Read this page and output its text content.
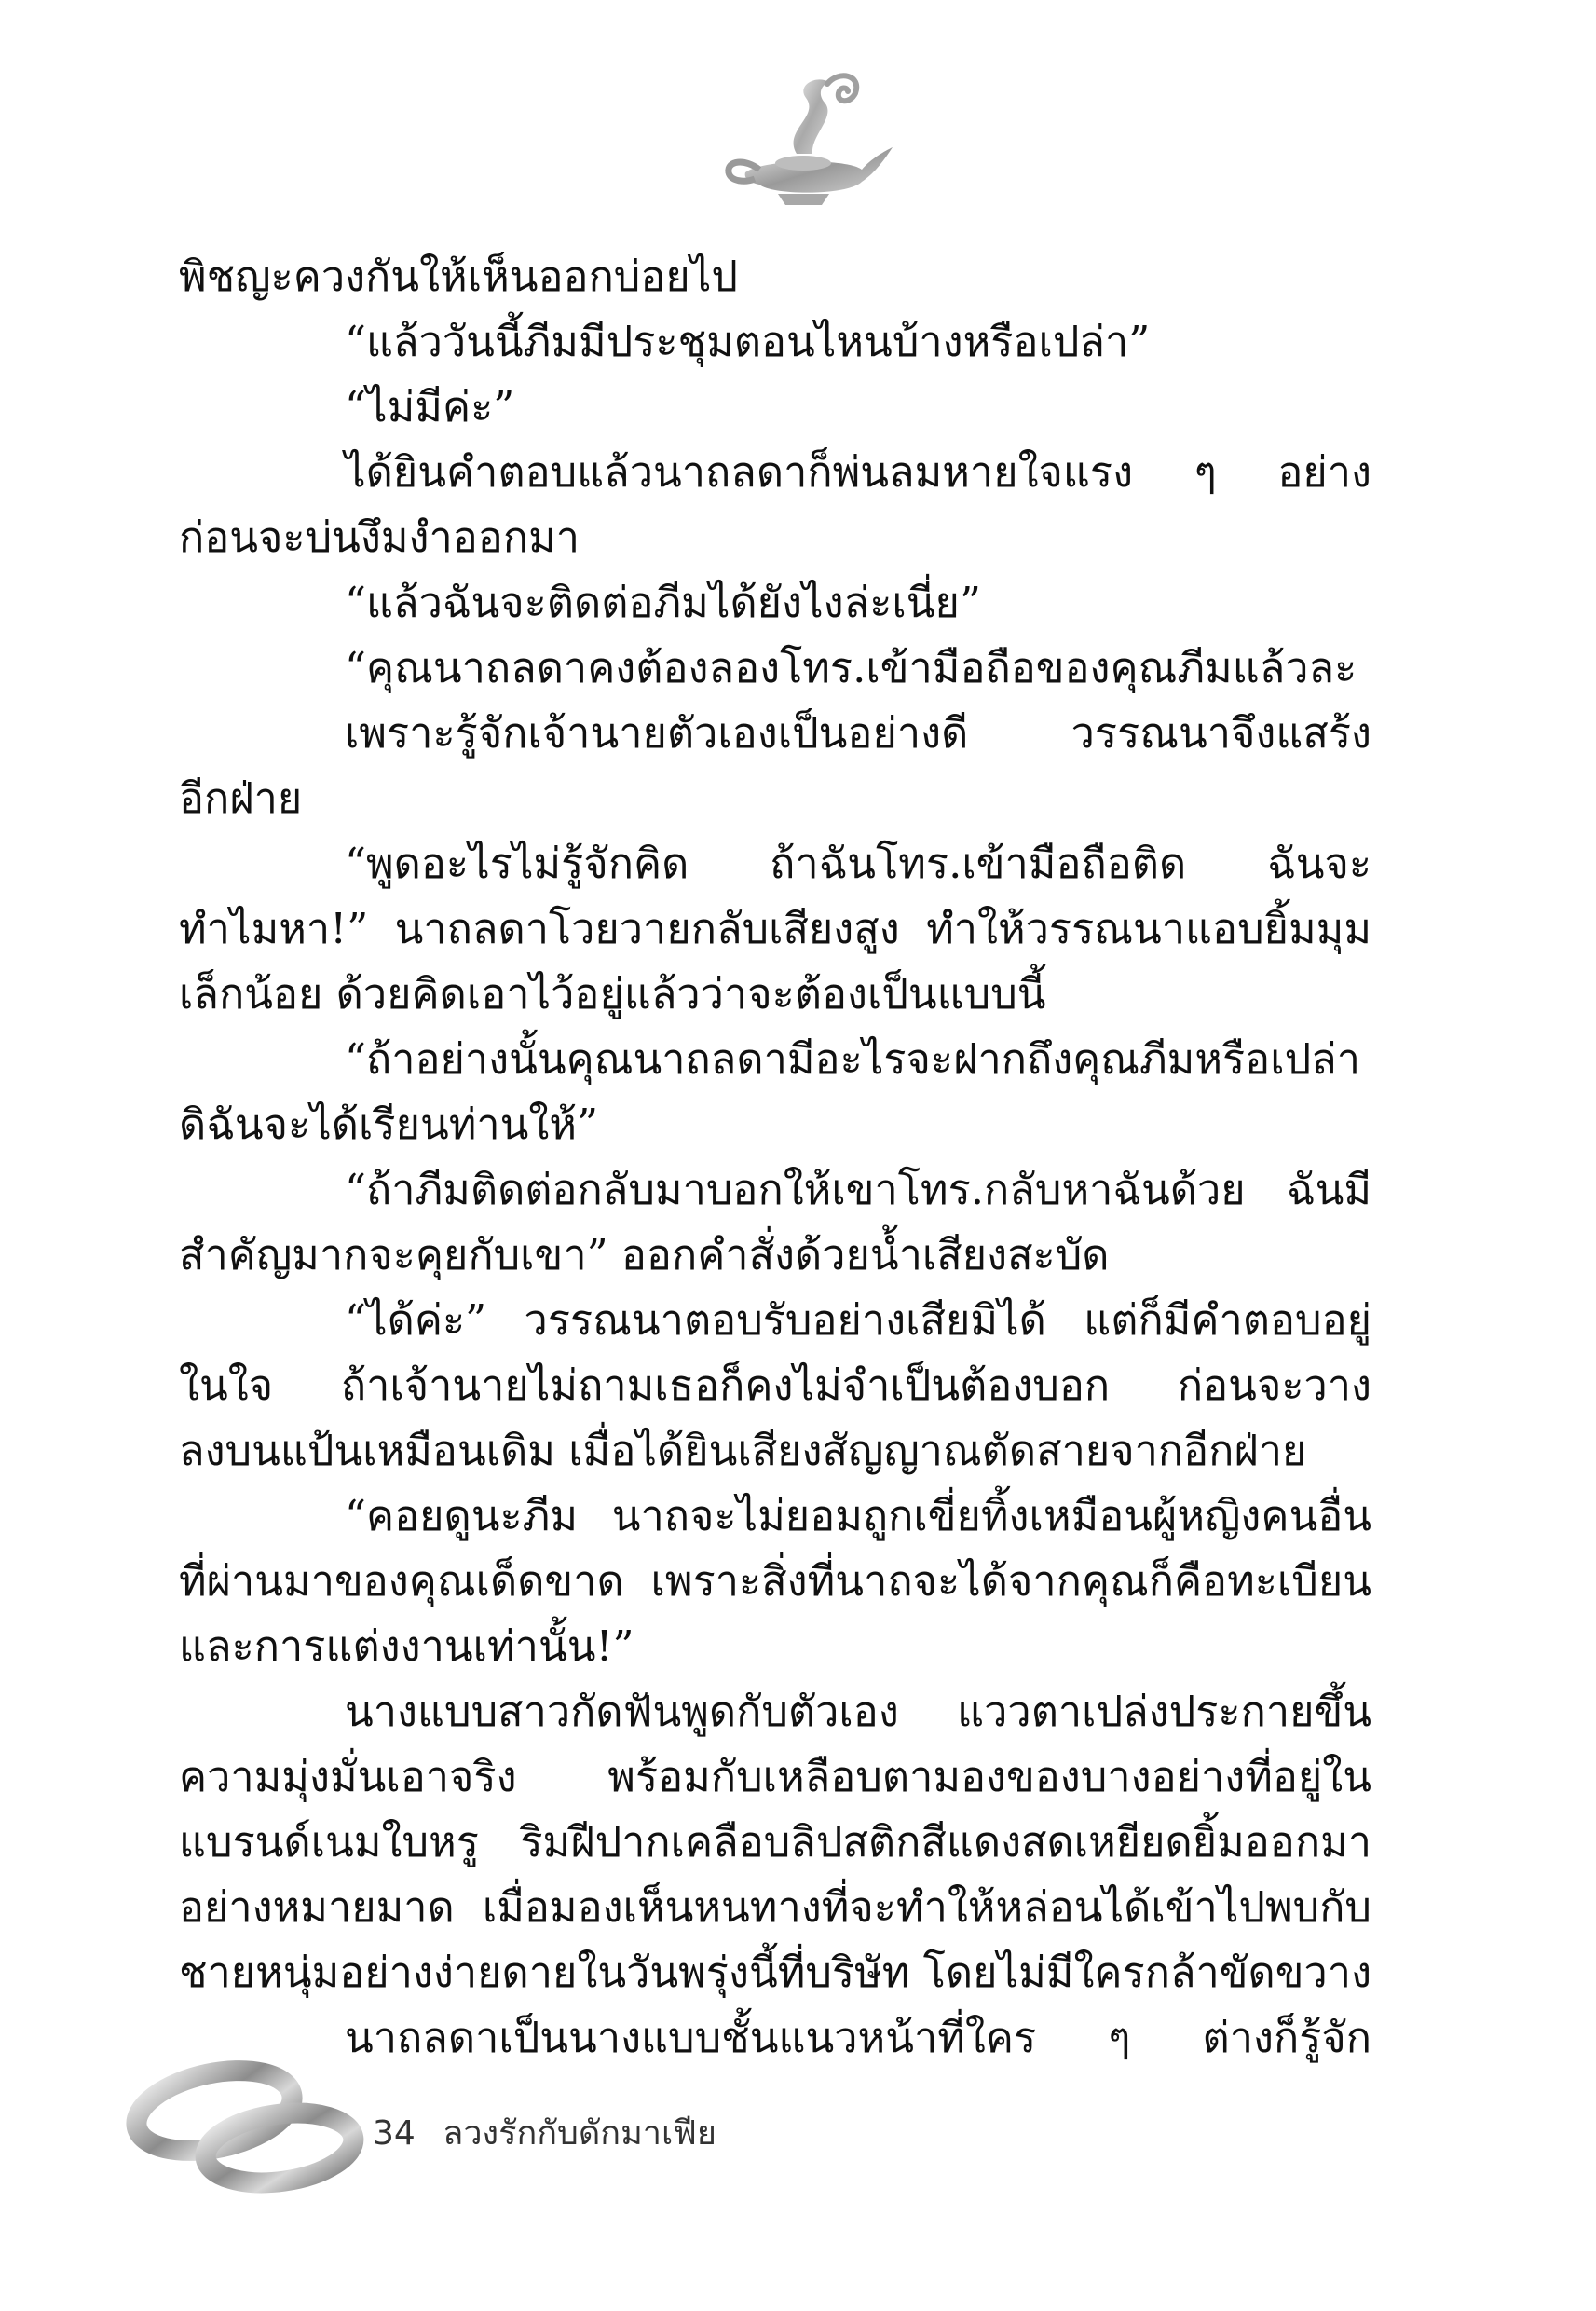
พิชญะควงกันให้เห็นออกบ่อยไป
“แล้ววันนี้ภีมมีประชุมตอนไหนบ้างหรือเปล่า”
“ไม่มีค่ะ”
ได้ยินคำตอบแล้วนาถลดาก็พ่นลมหายใจแรง ๆ อย่าง
ก่อนจะบ่นงึมงำออกมา
“แล้วฉันจะติดต่อภีมได้ยังไงล่ะเนี่ย”
“คุณนาถลดาคงต้องลองโทร.เข้ามือถือของคุณภีมแล้วละ
เพราะรู้จักเจ้านายตัวเองเป็นอย่างดี วรรณนาจึงแสร้ง
อีกฝ่าย
“พูดอะไรไม่รู้จักคิด ถ้าฉันโทร.เข้ามือถือติด ฉันจะ
ทำไมหา!” นาถลดาโวยวายกลับเสียงสูง ทำให้วรรณนาแอบยิ้มมุม
เล็กน้อย ด้วยคิดเอาไว้อยู่แล้วว่าจะต้องเป็นแบบนี้
“ถ้าอย่างนั้นคุณนาถลดามีอะไรจะฝากถึงคุณภีมหรือเปล่า
ดิฉันจะได้เรียนท่านให้”
“ถ้าภีมติดต่อกลับมาบอกให้เขาโทร.กลับหาฉันด้วย ฉันมี
สำคัญมากจะคุยกับเขา” ออกคำสั่งด้วยน้ำเสียงสะบัด
“ได้ค่ะ” วรรณนาตอบรับอย่างเสียมิได้ แต่ก็มีคำตอบอยู่
ในใจ ถ้าเจ้านายไม่ถามเธอก็คงไม่จำเป็นต้องบอก ก่อนจะวาง
ลงบนแป้นเหมือนเดิม เมื่อได้ยินเสียงสัญญาณตัดสายจากอีกฝ่าย
“คอยดูนะภีม นาถจะไม่ยอมถูกเขี่ยทิ้งเหมือนผู้หญิงคนอื่น
ที่ผ่านมาของคุณเด็ดขาด เพราะสิ่งที่นาถจะได้จากคุณก็คือทะเบียน
และการแต่งงานเท่านั้น!”
นางแบบสาวกัดฟันพูดกับตัวเอง แววตาเปล่งประกายขึ้น
ความมุ่งมั่นเอาจริง พร้อมกับเหลือบตามองของบางอย่างที่อยู่ใน
แบรนด์เนมใบหรู ริมฝีปากเคลือบลิปสติกสีแดงสดเหยียดยิ้มออกมา
อย่างหมายมาด เมื่อมองเห็นหนทางที่จะทำให้หล่อนได้เข้าไปพบกับ
ชายหนุ่มอย่างง่ายดายในวันพรุ่งนี้ที่บริษัท โดยไม่มีใครกล้าขัดขวาง
นาถลดาเป็นนางแบบชั้นแนวหน้าที่ใคร ๆ ต่างก็รู้จัก
34 ลวงรักกับดักมาเฟีย
